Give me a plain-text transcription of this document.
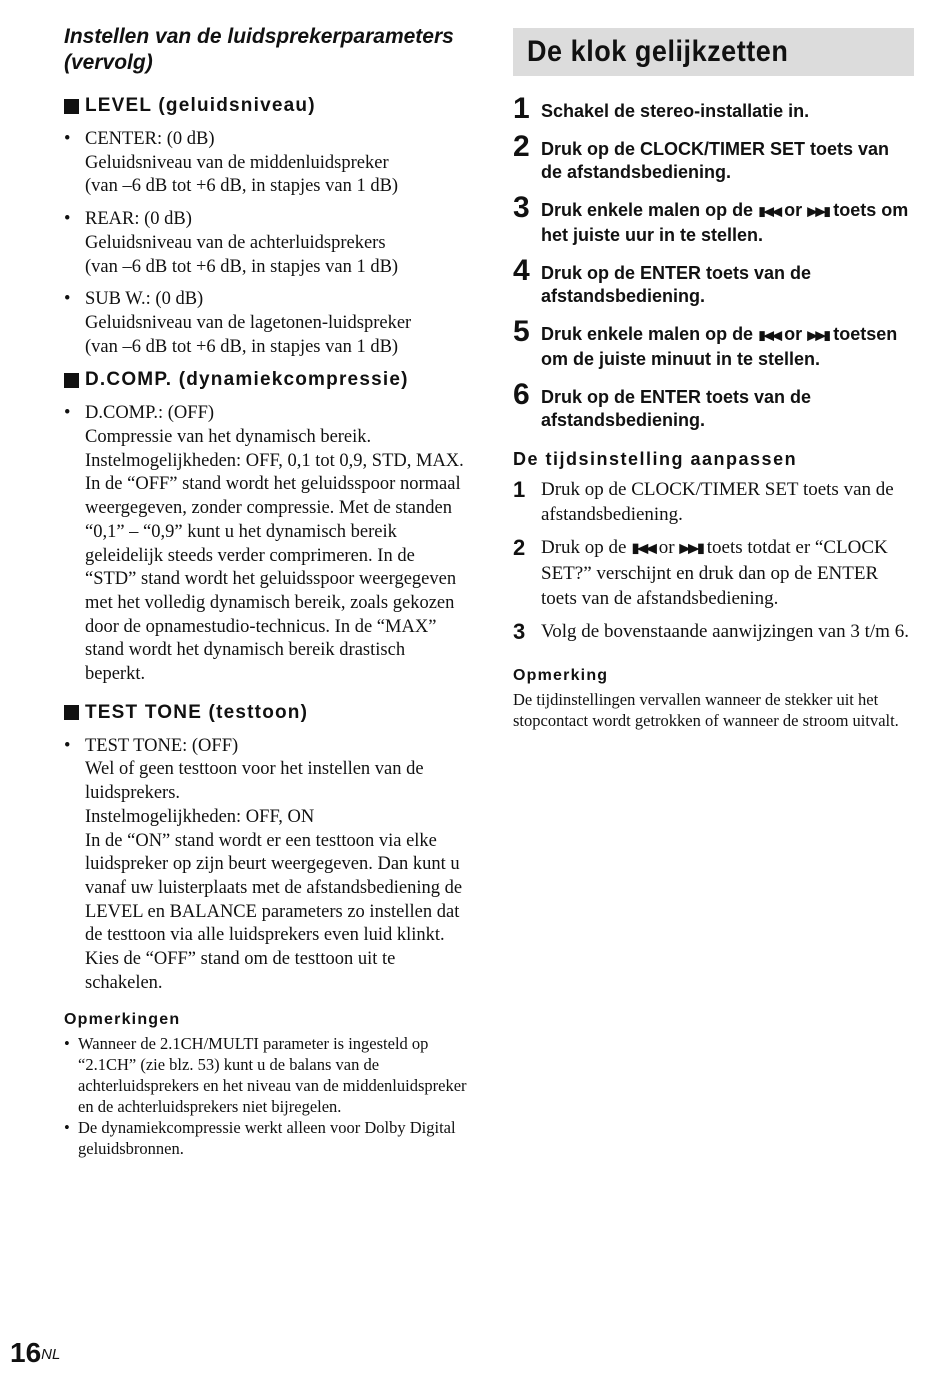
Instellen van de luidsprekerparameters (vervolg)
LEVEL (geluidsniveau)
• CENTER: (0 dB)
Geluidsniveau van de middenluidspreker
(van –6 dB tot +6 dB, in stapjes van 1 dB)
• REAR: (0 dB)
Geluidsniveau van de achterluidsprekers
(van –6 dB tot +6 dB, in stapjes van 1 dB)
• SUB W.: (0 dB)
Geluidsniveau van de lagetonen-luidspreker
(van –6 dB tot +6 dB, in stapjes van 1 dB)
D.COMP. (dynamiekcompressie)
• D.COMP.: (OFF)
Compressie van het dynamisch bereik. Instelmogelijkheden: OFF, 0,1 tot 0,9, STD, MAX. In de “OFF” stand wordt het geluidsspoor normaal weergegeven, zonder compressie. Met de standen “0,1” – “0,9” kunt u het dynamisch bereik geleidelijk steeds verder comprimeren. In de “STD” stand wordt het geluidsspoor weergegeven met het volledig dynamisch bereik, zoals gekozen door de opnamestudio-technicus. In de “MAX” stand wordt het dynamisch bereik drastisch beperkt.
TEST TONE (testtoon)
• TEST TONE: (OFF)
Wel of geen testtoon voor het instellen van de luidsprekers.
Instelmogelijkheden: OFF, ON
In de “ON” stand wordt er een testtoon via elke luidspreker op zijn beurt weergegeven. Dan kunt u vanaf uw luisterplaats met de afstandsbediening de LEVEL en BALANCE parameters zo instellen dat de testtoon via alle luidsprekers even luid klinkt. Kies de “OFF” stand om de testtoon uit te schakelen.
Opmerkingen
• Wanneer de 2.1CH/MULTI parameter is ingesteld op “2.1CH” (zie blz. 53) kunt u de balans van de achterluidsprekers en het niveau van de middenluidspreker en de achterluidsprekers niet bijregelen.
• De dynamiekcompressie werkt alleen voor Dolby Digital geluidsbronnen.
De klok gelijkzetten
1 Schakel de stereo-installatie in.
2 Druk op de CLOCK/TIMER SET toets van de afstandsbediening.
3 Druk enkele malen op de ▮◀◀ or ▶▶▮ toets om het juiste uur in te stellen.
4 Druk op de ENTER toets van de afstandsbediening.
5 Druk enkele malen op de ▮◀◀ or ▶▶▮ toetsen om de juiste minuut in te stellen.
6 Druk op de ENTER toets van de afstandsbediening.
De tijdsinstelling aanpassen
1 Druk op de CLOCK/TIMER SET toets van de afstandsbediening.
2 Druk op de ▮◀◀ or ▶▶▮ toets totdat er “CLOCK SET?” verschijnt en druk dan op de ENTER toets van de afstandsbediening.
3 Volg de bovenstaande aanwijzingen van 3 t/m 6.
Opmerking
De tijdinstellingen vervallen wanneer de stekker uit het stopcontact wordt getrokken of wanneer de stroom uitvalt.
$16^{NL}$
